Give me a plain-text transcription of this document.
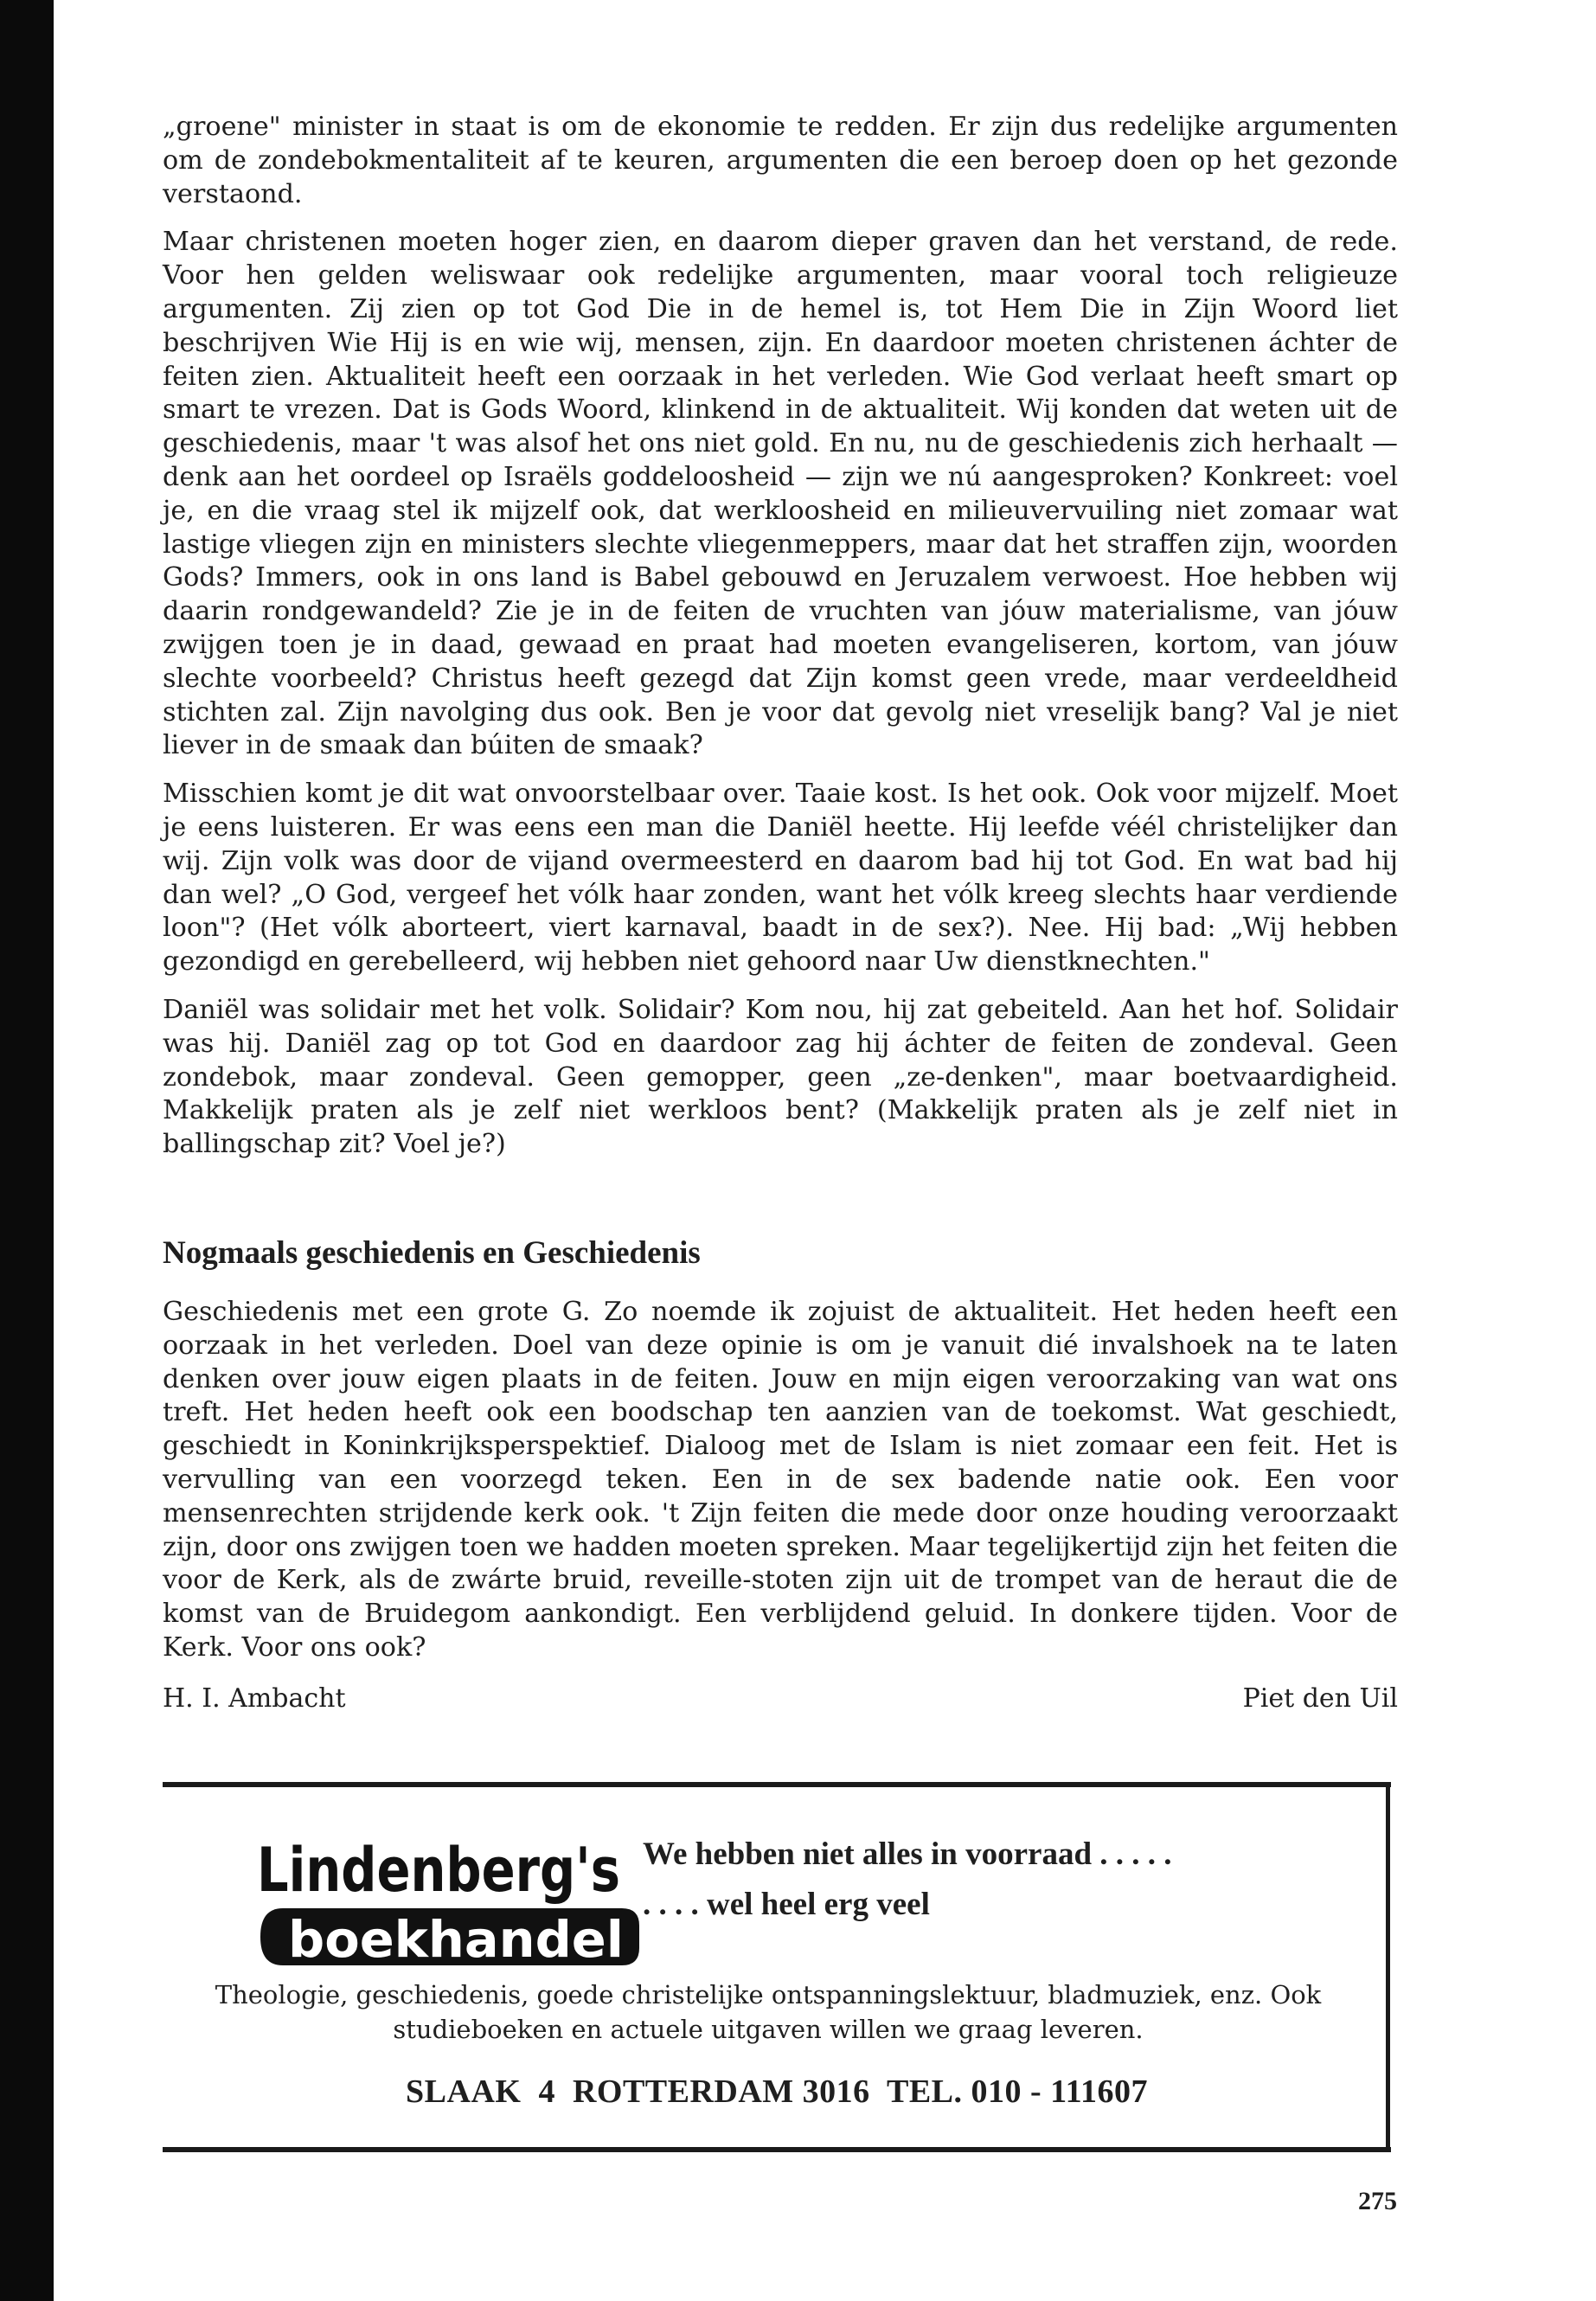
„groene" minister in staat is om de ekonomie te redden. Er zijn dus redelijke argumenten om de zondebokmentaliteit af te keuren, argumenten die een beroep doen op het gezonde verstaond.

Maar christenen moeten hoger zien, en daarom dieper graven dan het verstand, de rede. Voor hen gelden weliswaar ook redelijke argumenten, maar vooral toch religieuze argumenten. Zij zien op tot God Die in de hemel is, tot Hem Die in Zijn Woord liet beschrijven Wie Hij is en wie wij, mensen, zijn. En daardoor moeten christenen áchter de feiten zien. Aktualiteit heeft een oorzaak in het verleden. Wie God verlaat heeft smart op smart te vrezen. Dat is Gods Woord, klinkend in de aktualiteit. Wij konden dat weten uit de geschiedenis, maar 't was alsof het ons niet gold. En nu, nu de geschiedenis zich herhaalt — denk aan het oordeel op Israëls goddeloosheid — zijn we nú aangesproken? Konkreet: voel je, en die vraag stel ik mijzelf ook, dat werkloosheid en milieuvervuiling niet zomaar wat lastige vliegen zijn en ministers slechte vliegenmeppers, maar dat het straffen zijn, woorden Gods? Immers, ook in ons land is Babel gebouwd en Jeruzalem verwoest. Hoe hebben wij daarin rondgewandeld? Zie je in de feiten de vruchten van jóuw materialisme, van jóuw zwijgen toen je in daad, gewaad en praat had moeten evangeliseren, kortom, van jóuw slechte voorbeeld? Christus heeft gezegd dat Zijn komst geen vrede, maar verdeeldheid stichten zal. Zijn navolging dus ook. Ben je voor dat gevolg niet vreselijk bang? Val je niet liever in de smaak dan búiten de smaak?

Misschien komt je dit wat onvoorstelbaar over. Taaie kost. Is het ook. Ook voor mijzelf. Moet je eens luisteren. Er was eens een man die Daniël heette. Hij leefde véél christelijker dan wij. Zijn volk was door de vijand overmeesterd en daarom bad hij tot God. En wat bad hij dan wel? „O God, vergeef het vólk haar zonden, want het vólk kreeg slechts haar verdiende loon"? (Het vólk aborteert, viert karnaval, baadt in de sex?). Nee. Hij bad: „Wij hebben gezondigd en gerebelleerd, wij hebben niet gehoord naar Uw dienstknechten."

Daniël was solidair met het volk. Solidair? Kom nou, hij zat gebeiteld. Aan het hof. Solidair was hij. Daniël zag op tot God en daardoor zag hij áchter de feiten de zondeval. Geen zondebok, maar zondeval. Geen gemopper, geen „ze-denken", maar boetvaardigheid. Makkelijk praten als je zelf niet werkloos bent? (Makkelijk praten als je zelf niet in ballingschap zit? Voel je?)

Nogmaals geschiedenis en Geschiedenis

Geschiedenis met een grote G. Zo noemde ik zojuist de aktualiteit. Het heden heeft een oorzaak in het verleden. Doel van deze opinie is om je vanuit dié invalshoek na te laten denken over jouw eigen plaats in de feiten. Jouw en mijn eigen veroorzaking van wat ons treft. Het heden heeft ook een boodschap ten aanzien van de toekomst. Wat geschiedt, geschiedt in Koninkrijksperspektief. Dialoog met de Islam is niet zomaar een feit. Het is vervulling van een voorzegd teken. Een in de sex badende natie ook. Een voor mensenrechten strijdende kerk ook. 't Zijn feiten die mede door onze houding veroorzaakt zijn, door ons zwijgen toen we hadden moeten spreken. Maar tegelijkertijd zijn het feiten die voor de Kerk, als de zwárte bruid, reveille-stoten zijn uit de trompet van de heraut die de komst van de Bruidegom aankondigt. Een verblijdend geluid. In donkere tijden. Voor de Kerk. Voor ons ook?

H. I. Ambacht	Piet den Uil
Lindenberg's
boekhandel
We hebben niet alles in voorraad . . . . .
. . . . wel heel erg veel
Theologie, geschiedenis, goede christelijke ontspanningslektuur, bladmuziek, enz. Ook studieboeken en actuele uitgaven willen we graag leveren.
SLAAK  4  ROTTERDAM 3016  TEL. 010 - 111607
275
